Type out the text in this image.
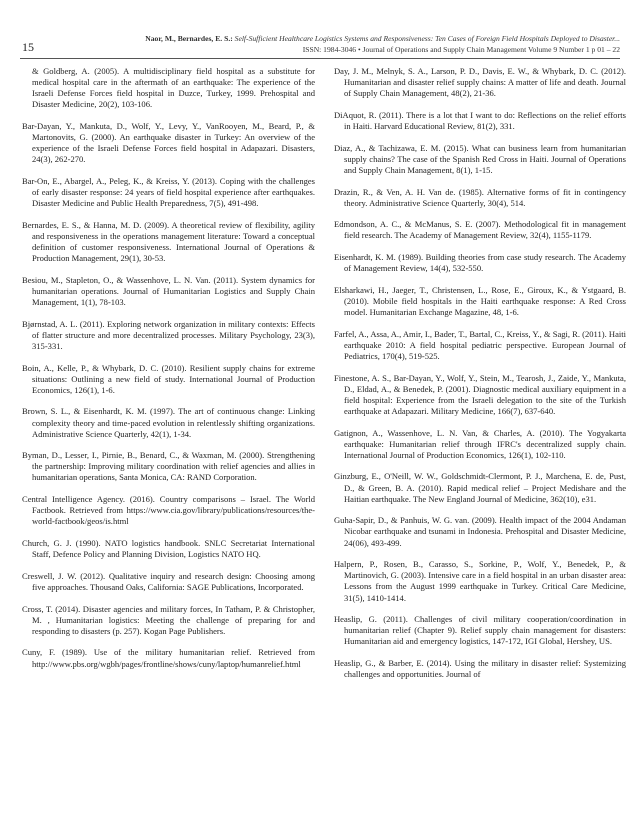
15
Naor, M., Bernardes, E. S.: Self-Sufficient Healthcare Logistics Systems and Responsiveness: Ten Cases of Foreign Field Hospitals Deployed to Disaster...
ISSN: 1984-3046 • Journal of Operations and Supply Chain Management Volume 9 Number 1 p 01 – 22

& Goldberg, A. (2005). A multidisciplinary field hospital as a substitute for medical hospital care in the aftermath of an earthquake: The experience of the Israeli Defense Forces field hospital in Duzce, Turkey, 1999. Prehospital and Disaster Medicine, 20(2), 103-106.

Bar-Dayan, Y., Mankuta, D., Wolf, Y., Levy, Y., VanRooyen, M., Beard, P., & Martonovits, G. (2000). An earthquake disaster in Turkey: An overview of the experience of the Israeli Defense Forces field hospital in Adapazari. Disasters, 24(3), 262-270.

Bar-On, E., Abargel, A., Peleg, K., & Kreiss, Y. (2013). Coping with the challenges of early disaster response: 24 years of field hospital experience after earthquakes. Disaster Medicine and Public Health Preparedness, 7(5), 491-498.

Bernardes, E. S., & Hanna, M. D. (2009). A theoretical review of flexibility, agility and responsiveness in the operations management literature: Toward a conceptual definition of customer responsiveness. International Journal of Operations & Production Management, 29(1), 30-53.

Besiou, M., Stapleton, O., & Wassenhove, L. N. Van. (2011). System dynamics for humanitarian operations. Journal of Humanitarian Logistics and Supply Chain Management, 1(1), 78-103.

Bjørnstad, A. L. (2011). Exploring network organization in military contexts: Effects of flatter structure and more decentralized processes. Military Psychology, 23(3), 315-331.

Boin, A., Kelle, P., & Whybark, D. C. (2010). Resilient supply chains for extreme situations: Outlining a new field of study. International Journal of Production Economics, 126(1), 1-6.

Brown, S. L., & Eisenhardt, K. M. (1997). The art of continuous change: Linking complexity theory and time-paced evolution in relentlessly shifting organizations. Administrative Science Quarterly, 42(1), 1-34.

Byman, D., Lesser, I., Pirnie, B., Benard, C., & Waxman, M. (2000). Strengthening the partnership: Improving military coordination with relief agencies and allies in humanitarian operations, Santa Monica, CA: RAND Corporation.

Central Intelligence Agency. (2016). Country comparisons – Israel. The World Factbook. Retrieved from https://www.cia.gov/library/publications/resources/the-world-factbook/geos/is.html

Church, G. J. (1990). NATO logistics handbook. SNLC Secretariat International Staff, Defence Policy and Planning Division, Logistics NATO HQ.

Creswell, J. W. (2012). Qualitative inquiry and research design: Choosing among five approaches. Thousand Oaks, California: SAGE Publications, Incorporated.

Cross, T. (2014). Disaster agencies and military forces, In Tatham, P. & Christopher, M. , Humanitarian logistics: Meeting the challenge of preparing for and responding to disasters (p. 257). Kogan Page Publishers.

Cuny, F. (1989). Use of the military humanitarian relief. Retrieved from http://www.pbs.org/wgbh/pages/frontline/shows/cuny/laptop/humanrelief.html

Day, J. M., Melnyk, S. A., Larson, P. D., Davis, E. W., & Whybark, D. C. (2012). Humanitarian and disaster relief supply chains: A matter of life and death. Journal of Supply Chain Management, 48(2), 21-36.

DiAquot, R. (2011). There is a lot that I want to do: Reflections on the relief efforts in Haiti. Harvard Educational Review, 81(2), 331.

Diaz, A., & Tachizawa, E. M. (2015). What can business learn from humanitarian supply chains? The case of the Spanish Red Cross in Haiti. Journal of Operations and Supply Chain Management, 8(1), 1-15.

Drazin, R., & Ven, A. H. Van de. (1985). Alternative forms of fit in contingency theory. Administrative Science Quarterly, 30(4), 514.

Edmondson, A. C., & McManus, S. E. (2007). Methodological fit in management field research. The Academy of Management Review, 32(4), 1155-1179.

Eisenhardt, K. M. (1989). Building theories from case study research. The Academy of Management Review, 14(4), 532-550.

Elsharkawi, H., Jaeger, T., Christensen, L., Rose, E., Giroux, K., & Ystgaard, B. (2010). Mobile field hospitals in the Haiti earthquake response: A Red Cross model. Humanitarian Exchange Magazine, 48, 1-6.

Farfel, A., Assa, A., Amir, I., Bader, T., Bartal, C., Kreiss, Y., & Sagi, R. (2011). Haiti earthquake 2010: A field hospital pediatric perspective. European Journal of Pediatrics, 170(4), 519-525.

Finestone, A. S., Bar-Dayan, Y., Wolf, Y., Stein, M., Tearosh, J., Zaide, Y., Mankuta, D., Eldad, A., & Benedek, P. (2001). Diagnostic medical auxiliary equipment in a field hospital: Experience from the Israeli delegation to the site of the Turkish earthquake at Adapazari. Military Medicine, 166(7), 637-640.

Gatignon, A., Wassenhove, L. N. Van, & Charles, A. (2010). The Yogyakarta earthquake: Humanitarian relief through IFRC's decentralized supply chain. International Journal of Production Economics, 126(1), 102-110.

Ginzburg, E., O'Neill, W. W., Goldschmidt-Clermont, P. J., Marchena, E. de, Pust, D., & Green, B. A. (2010). Rapid medical relief – Project Medishare and the Haitian earthquake. The New England Journal of Medicine, 362(10), e31.

Guha-Sapir, D., & Panhuis, W. G. van. (2009). Health impact of the 2004 Andaman Nicobar earthquake and tsunami in Indonesia. Prehospital and Disaster Medicine, 24(06), 493-499.

Halpern, P., Rosen, B., Carasso, S., Sorkine, P., Wolf, Y., Benedek, P., & Martinovich, G. (2003). Intensive care in a field hospital in an urban disaster area: Lessons from the August 1999 earthquake in Turkey. Critical Care Medicine, 31(5), 1410-1414.

Heaslip, G. (2011). Challenges of civil military cooperation/coordination in humanitarian relief (Chapter 9). Relief supply chain management for disasters: Humanitarian aid and emergency logistics, 147-172, IGI Global, Hershey, US.

Heaslip, G., & Barber, E. (2014). Using the military in disaster relief: Systemizing challenges and opportunities. Journal of
